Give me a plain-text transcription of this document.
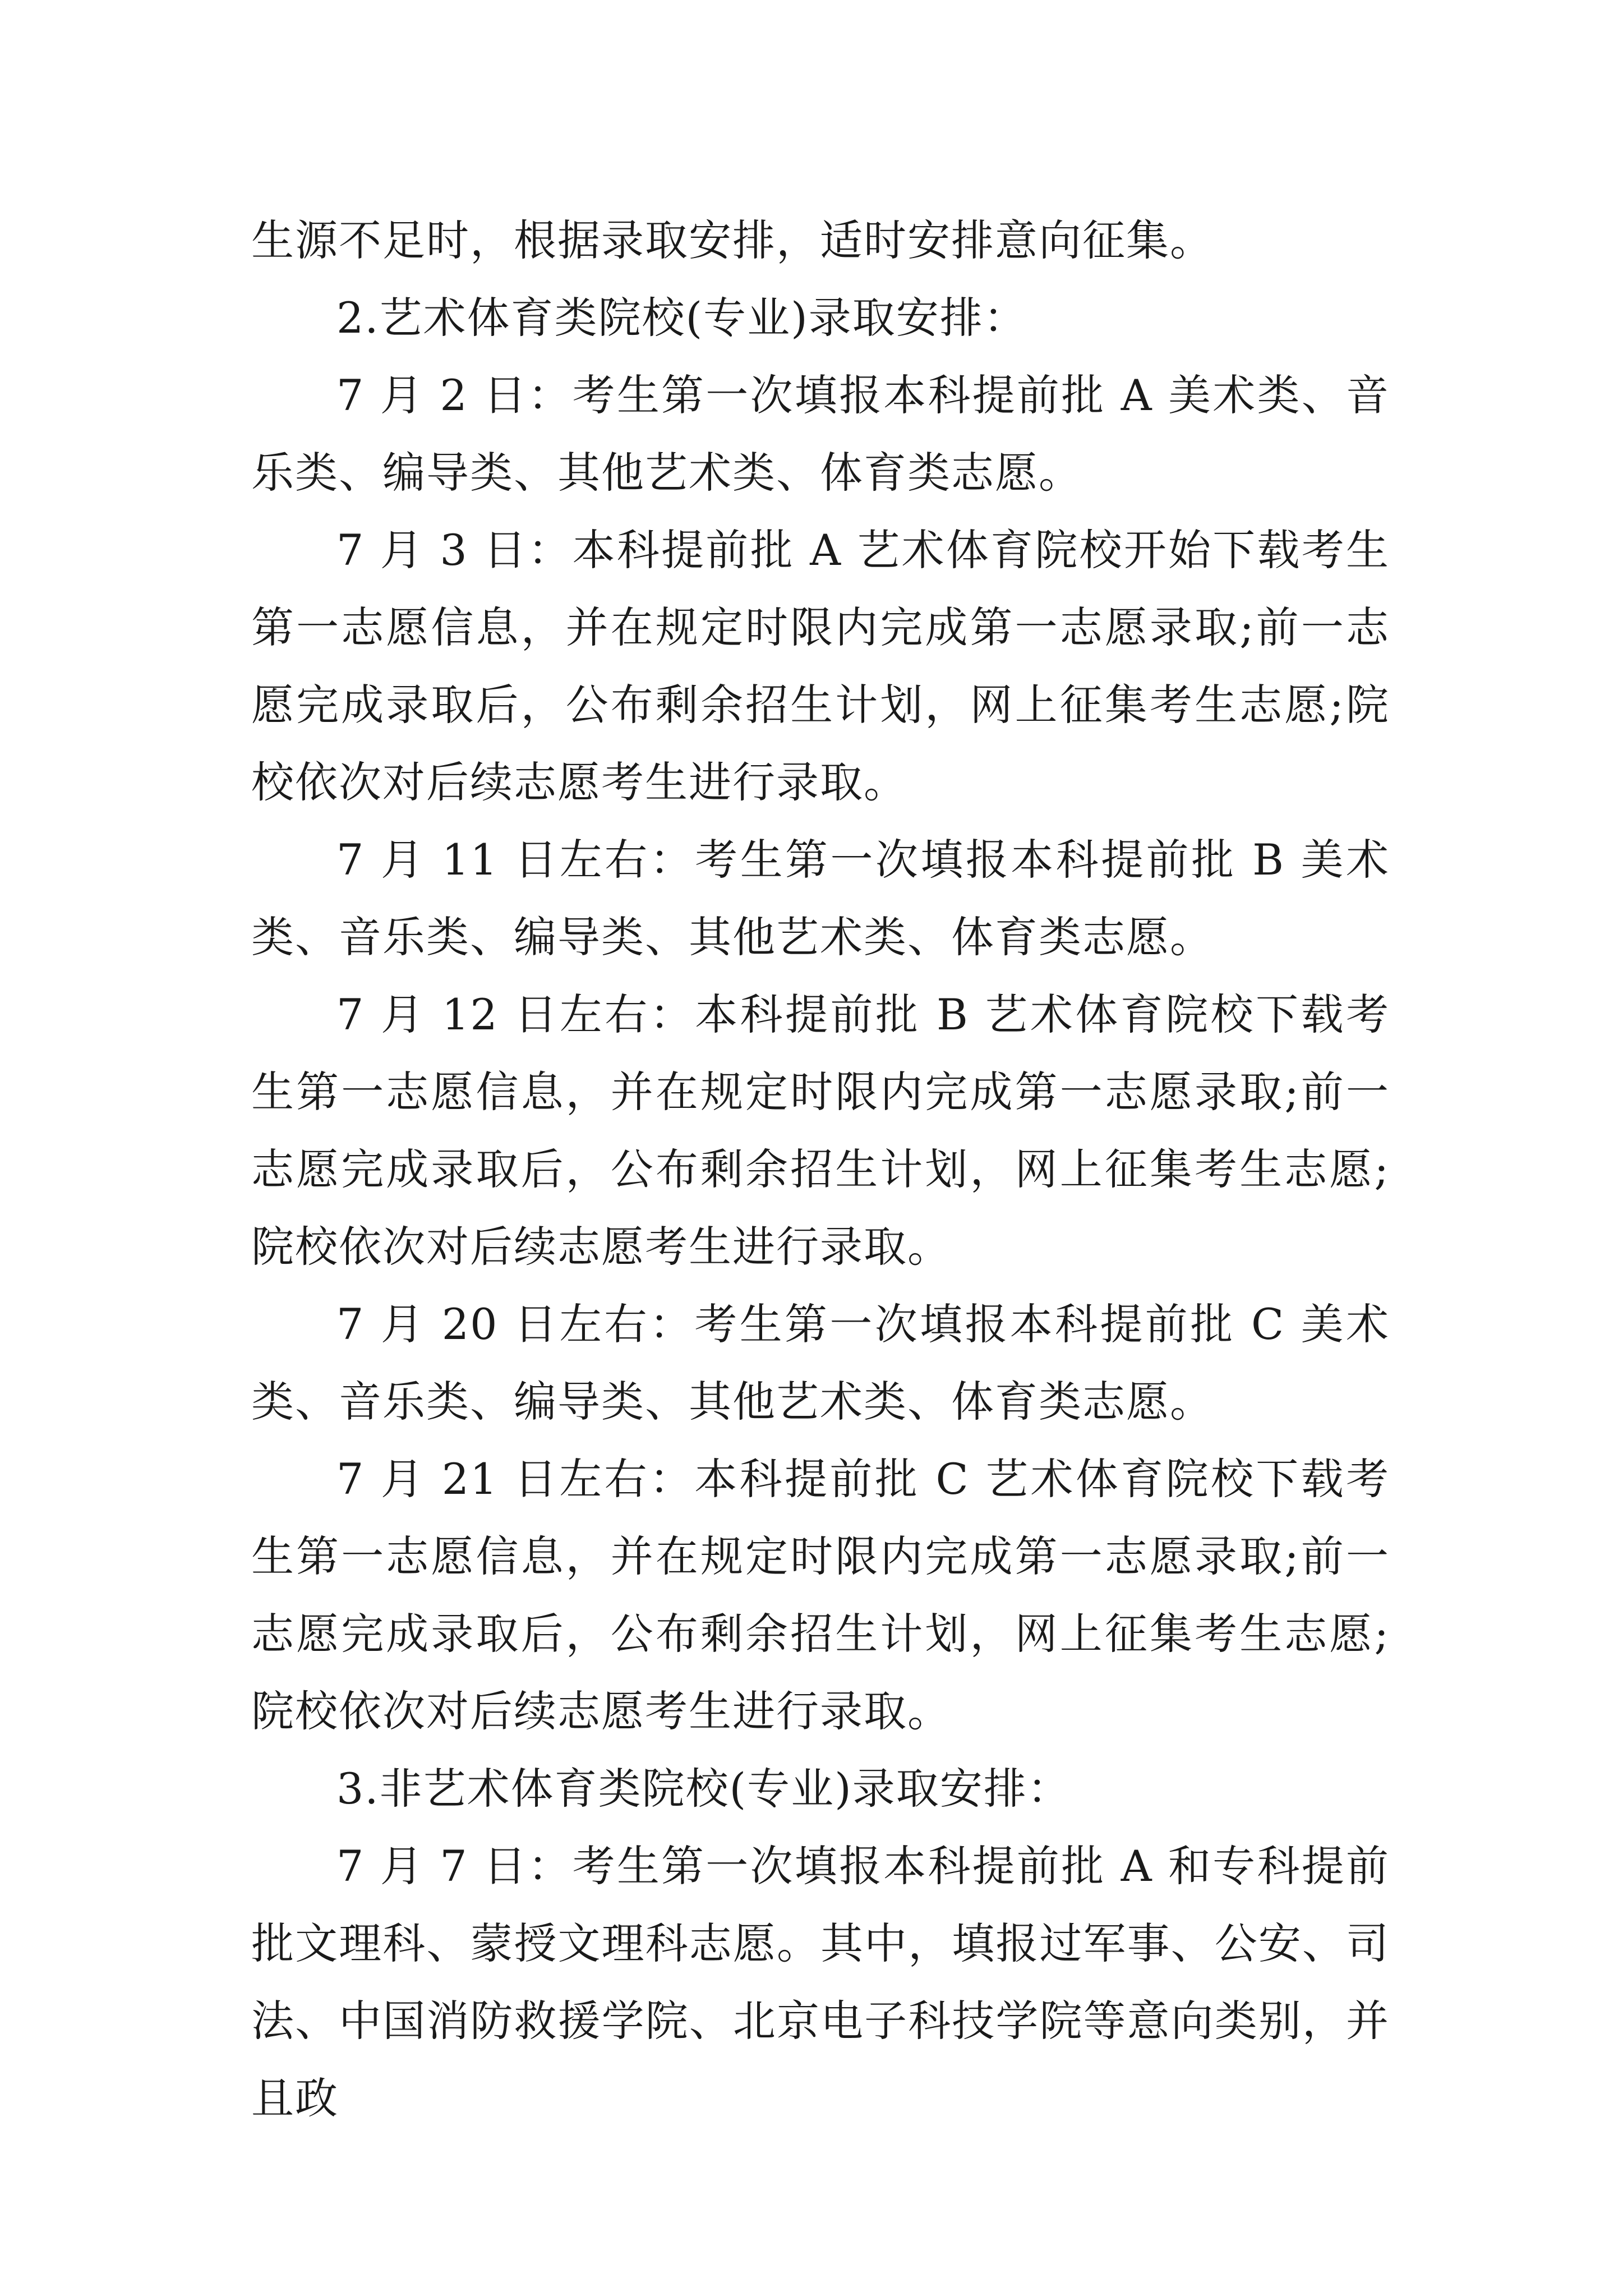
生源不足时，根据录取安排，适时安排意向征集。

2.艺术体育类院校(专业)录取安排：

7 月 2 日：考生第一次填报本科提前批 A 美术类、音乐类、编导类、其他艺术类、体育类志愿。

7 月 3 日：本科提前批 A 艺术体育院校开始下载考生第一志愿信息，并在规定时限内完成第一志愿录取;前一志愿完成录取后，公布剩余招生计划，网上征集考生志愿;院校依次对后续志愿考生进行录取。

7 月 11 日左右：考生第一次填报本科提前批 B 美术类、音乐类、编导类、其他艺术类、体育类志愿。

7 月 12 日左右：本科提前批 B 艺术体育院校下载考生第一志愿信息，并在规定时限内完成第一志愿录取;前一志愿完成录取后，公布剩余招生计划，网上征集考生志愿;院校依次对后续志愿考生进行录取。

7 月 20 日左右：考生第一次填报本科提前批 C 美术类、音乐类、编导类、其他艺术类、体育类志愿。

7 月 21 日左右：本科提前批 C 艺术体育院校下载考生第一志愿信息，并在规定时限内完成第一志愿录取;前一志愿完成录取后，公布剩余招生计划，网上征集考生志愿;院校依次对后续志愿考生进行录取。

3.非艺术体育类院校(专业)录取安排：

7 月 7 日：考生第一次填报本科提前批 A 和专科提前批文理科、蒙授文理科志愿。其中，填报过军事、公安、司法、中国消防救援学院、北京电子科技学院等意向类别，并且政
